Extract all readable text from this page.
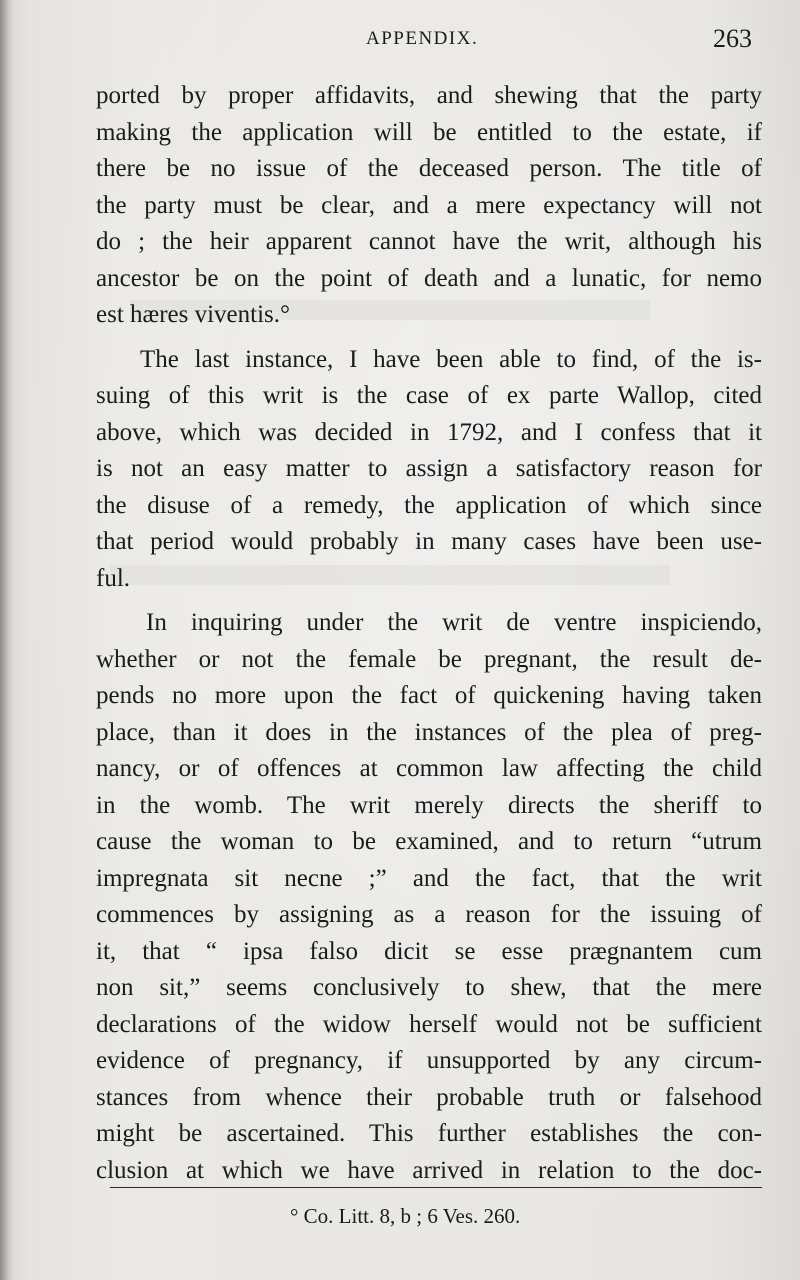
APPENDIX.	263
ported by proper affidavits, and shewing that the party
making the application will be entitled to the estate, if
there be no issue of the deceased person. The title of
the party must be clear, and a mere expectancy will not
do ; the heir apparent cannot have the writ, although his
ancestor be on the point of death and a lunatic, for nemo
est hæres viventis.°
The last instance, I have been able to find, of the is-
suing of this writ is the case of ex parte Wallop, cited
above, which was decided in 1792, and I confess that it
is not an easy matter to assign a satisfactory reason for
the disuse of a remedy, the application of which since
that period would probably in many cases have been use-
ful.
In inquiring under the writ de ventre inspiciendo,
whether or not the female be pregnant, the result de-
pends no more upon the fact of quickening having taken
place, than it does in the instances of the plea of preg-
nancy, or of offences at common law affecting the child
in the womb. The writ merely directs the sheriff to
cause the woman to be examined, and to return “utrum
impregnata sit necne ;” and the fact, that the writ
commences by assigning as a reason for the issuing of
it, that “ ipsa falso dicit se esse prægnantem cum
non sit,” seems conclusively to shew, that the mere
declarations of the widow herself would not be sufficient
evidence of pregnancy, if unsupported by any circum-
stances from whence their probable truth or falsehood
might be ascertained. This further establishes the con-
clusion at which we have arrived in relation to the doc-
° Co. Litt. 8, b ; 6 Ves. 260.
